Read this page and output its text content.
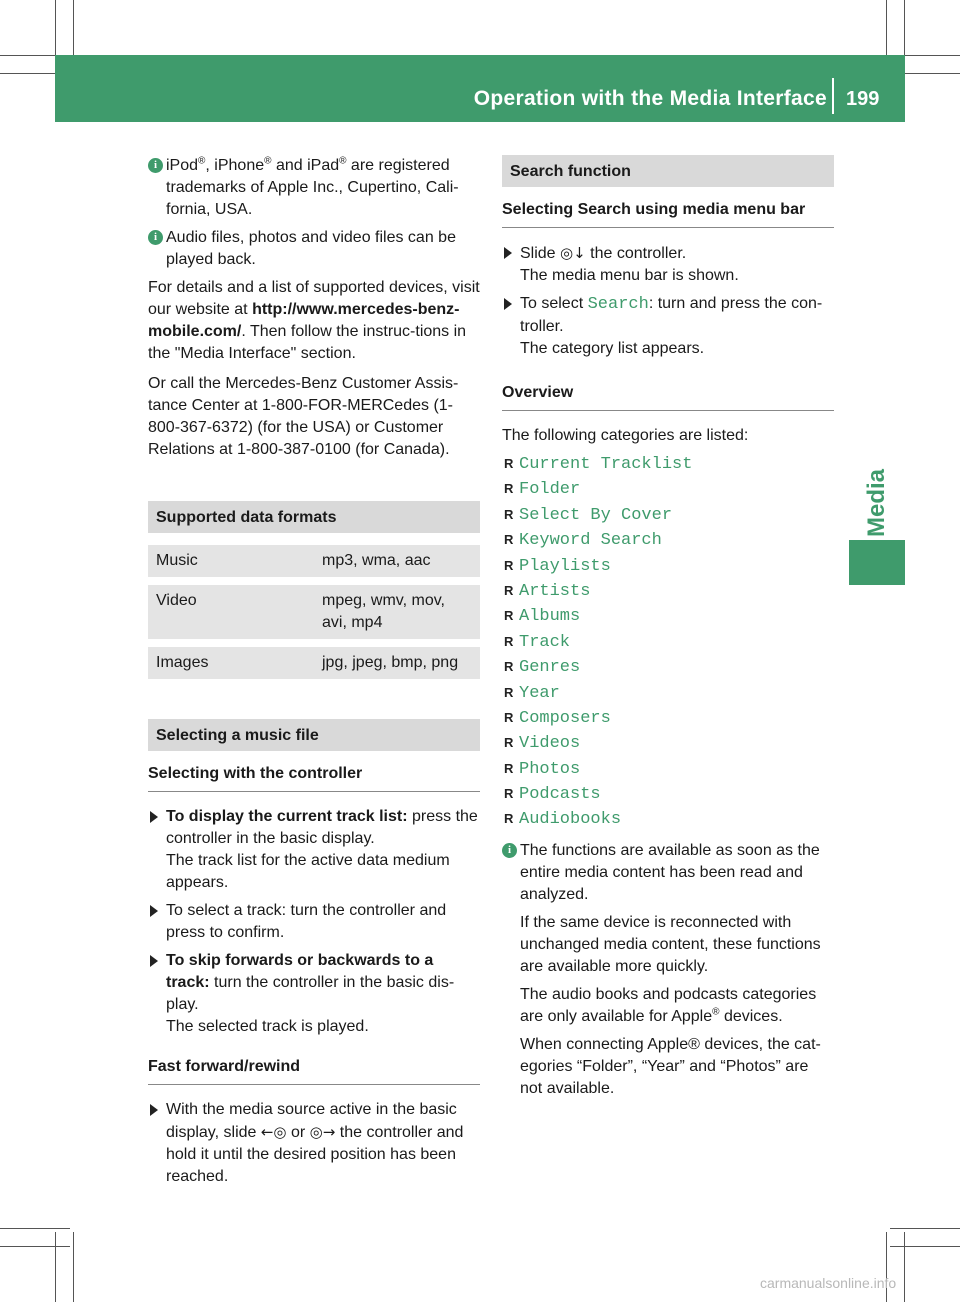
Operation with the Media Interface 199
Media
i iPod®, iPhone® and iPad® are registered trademarks of Apple Inc., Cupertino, Cali-fornia, USA.

i Audio files, photos and video files can be played back.

For details and a list of supported devices, visit our website at http://www.mercedes-benz-mobile.com/. Then follow the instruc-tions in the "Media Interface" section.

Or call the Mercedes-Benz Customer Assis-tance Center at 1-800-FOR-MERCedes (1-800-367-6372) (for the USA) or Customer Relations at 1-800-387-0100 (for Canada).

Supported data formats
Music	mp3, wma, aac
Video	mpeg, wmv, mov, avi, mp4
Images	jpg, jpeg, bmp, png
Selecting a music file
Selecting with the controller

To display the current track list: press the controller in the basic display.

The track list for the active data medium appears.

To select a track: turn the controller and press to confirm.

To skip forwards or backwards to a track: turn the controller in the basic dis-play.

The selected track is played.

Fast forward/rewind

With the media source active in the basic display, slide ←◎ or ◎→ the controller and hold it until the desired position has been reached.

Search function
Selecting Search using media menu bar

Slide ◎↓ the controller.

The media menu bar is shown.

To select Search: turn and press the con-troller.

The category list appears.

Overview

The following categories are listed:

R Current Tracklist
R Folder
R Select By Cover
R Keyword Search
R Playlists
R Artists
R Albums
R Track
R Genres
R Year
R Composers
R Videos
R Photos
R Podcasts
R Audiobooks
i The functions are available as soon as the entire media content has been read and analyzed.

If the same device is reconnected with unchanged media content, these functions are available more quickly.

The audio books and podcasts categories are only available for Apple® devices.

When connecting Apple® devices, the cat-egories “Folder”, “Year” and “Photos” are not available.

carmanualsonline.info
